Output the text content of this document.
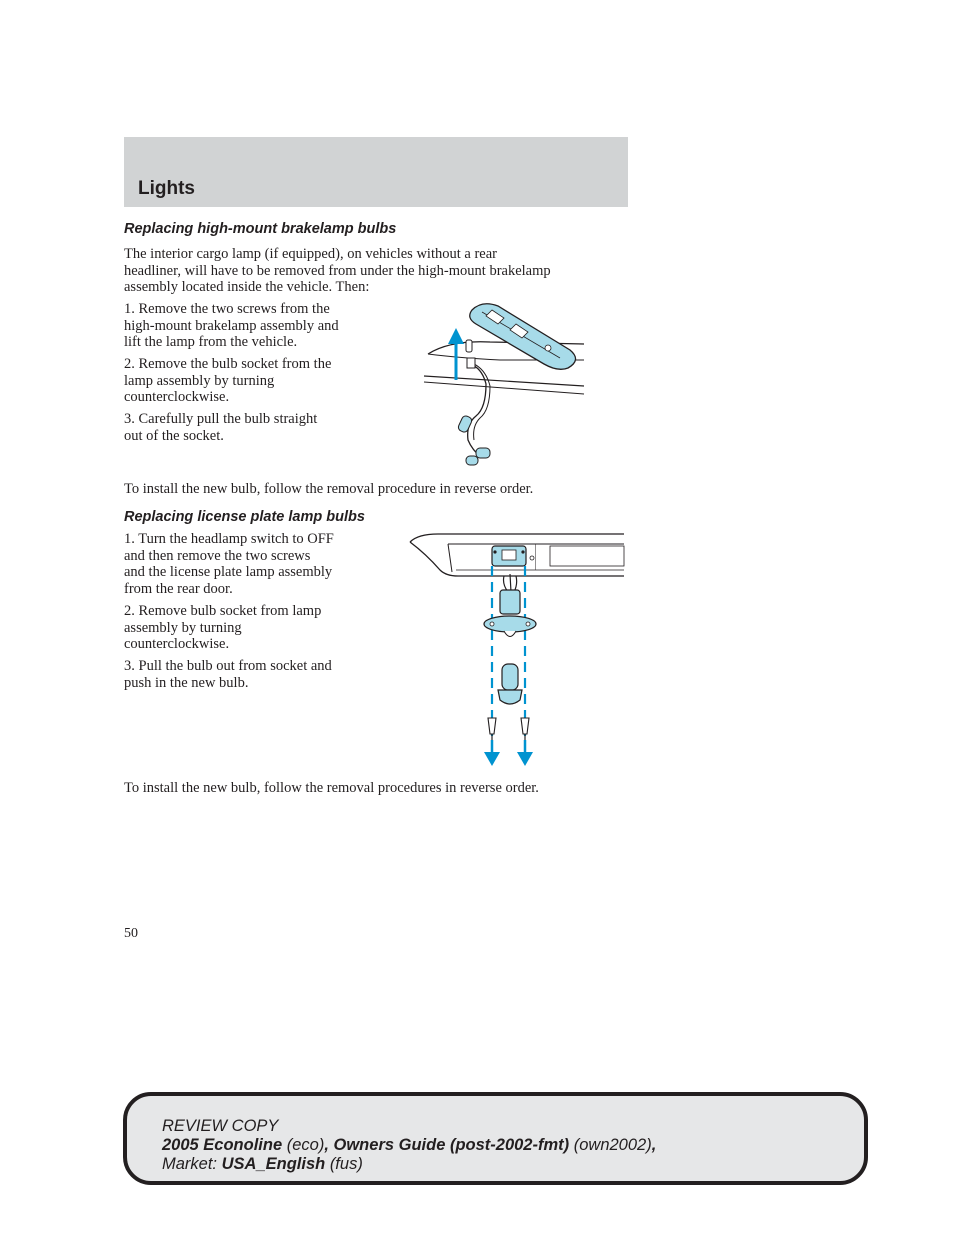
Lights
Replacing high-mount brakelamp bulbs

The interior cargo lamp (if equipped), on vehicles without a rear
headliner, will have to be removed from under the high-mount brakelamp
assembly located inside the vehicle. Then:

1. Remove the two screws from the
high-mount brakelamp assembly and
lift the lamp from the vehicle.

2. Remove the bulb socket from the
lamp assembly by turning
counterclockwise.

3. Carefully pull the bulb straight
out of the socket.

To install the new bulb, follow the removal procedure in reverse order.

Replacing license plate lamp bulbs

1. Turn the headlamp switch to OFF
and then remove the two screws
and the license plate lamp assembly
from the rear door.

2. Remove bulb socket from lamp
assembly by turning
counterclockwise.

3. Pull the bulb out from socket and
push in the new bulb.

To install the new bulb, follow the removal procedures in reverse order.

50

REVIEW COPY
2005 Econoline (eco), Owners Guide (post-2002-fmt) (own2002),
Market: USA_English (fus)
